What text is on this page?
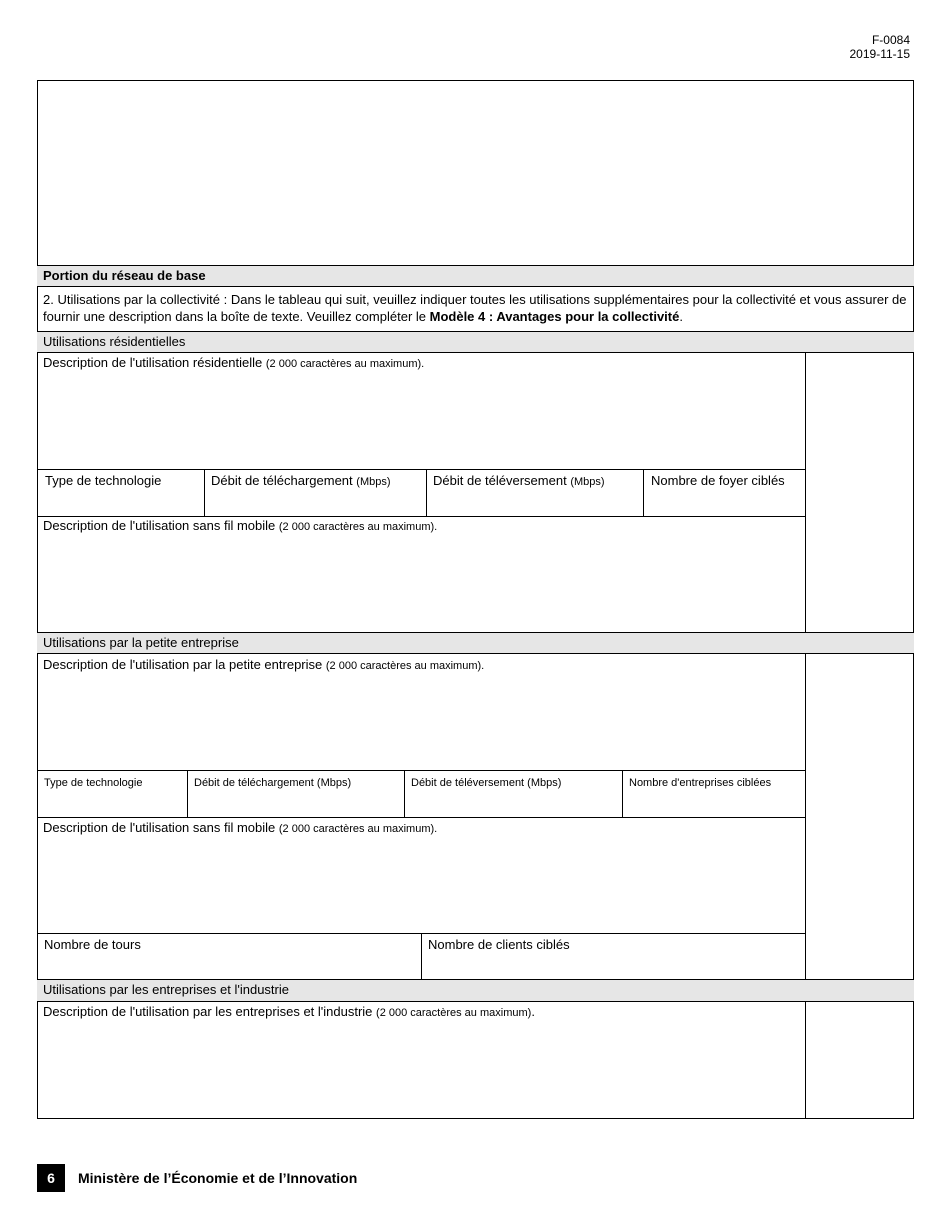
F-0084
2019-11-15
Portion du réseau de base
2. Utilisations par la collectivité : Dans le tableau qui suit, veuillez indiquer toutes les utilisations supplémentaires pour la collectivité et vous assurer de fournir une description dans la boîte de texte. Veuillez compléter le Modèle 4 : Avantages pour la collectivité.
Utilisations résidentielles
Description de l'utilisation résidentielle (2 000 caractères au maximum).
Type de technologie	Débit de téléchargement (Mbps)	Débit de téléversement (Mbps)	Nombre de foyer ciblés
Description de l'utilisation sans fil mobile (2 000 caractères au maximum).
Utilisations par la petite entreprise
Description de l'utilisation par la petite entreprise (2 000 caractères au maximum).
Type de technologie	Débit de téléchargement (Mbps)	Débit de téléversement (Mbps)	Nombre d'entreprises ciblées
Description de l'utilisation sans fil mobile (2 000 caractères au maximum).
Nombre de tours	Nombre de clients ciblés
Utilisations par les entreprises et l'industrie
Description de l'utilisation par les entreprises et l'industrie (2 000 caractères au maximum).
6	Ministère de l’Économie et de l’Innovation
